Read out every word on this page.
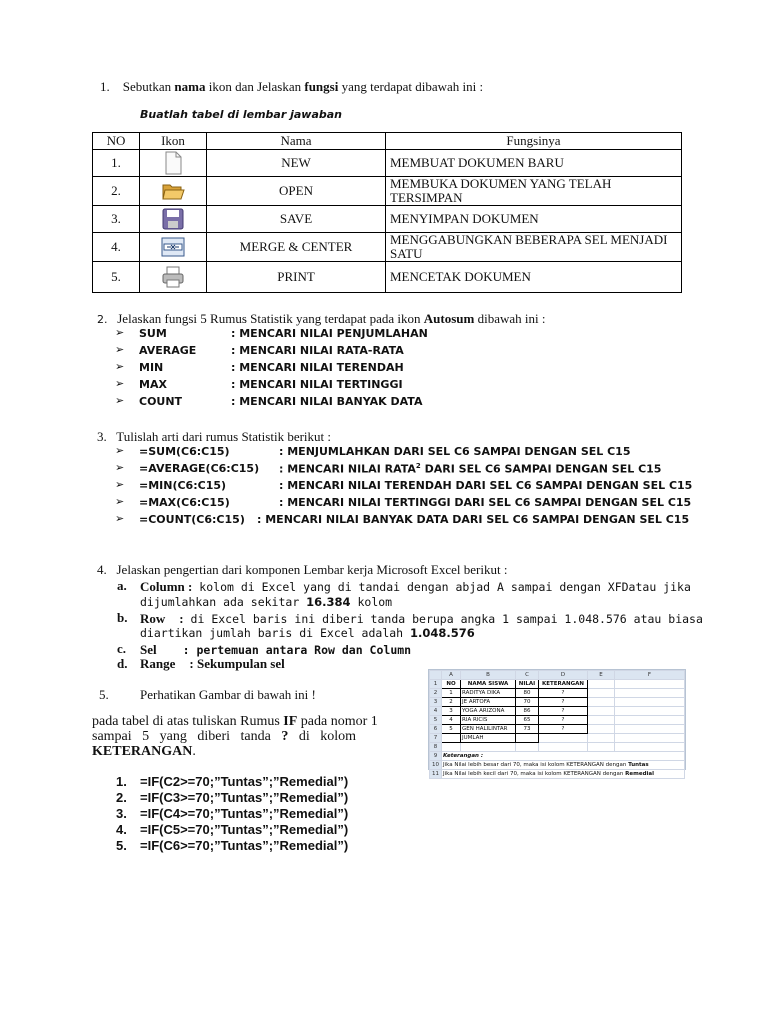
1. Sebutkan nama ikon dan Jelaskan fungsi yang terdapat dibawah ini :
Buatlah tabel di lembar jawaban
NO	Ikon	Nama	Fungsinya
1.		NEW	MEMBUAT DOKUMEN BARU
2.		OPEN	MEMBUKA DOKUMEN YANG TELAH TERSIMPAN
3.		SAVE	MENYIMPAN DOKUMEN
4.		MERGE & CENTER	MENGGABUNGKAN BEBERAPA SEL MENJADI SATU
5.		PRINT	MENCETAK DOKUMEN
2. Jelaskan fungsi 5 Rumus Statistik yang terdapat pada ikon Autosum dibawah ini :
➢ SUM	: MENCARI NILAI PENJUMLAHAN
➢ AVERAGE	: MENCARI NILAI RATA-RATA
➢ MIN	: MENCARI NILAI TERENDAH
➢ MAX	: MENCARI NILAI TERTINGGI
➢ COUNT	: MENCARI NILAI BANYAK DATA
3. Tulislah arti dari rumus Statistik berikut :
➢ =SUM(C6:C15)	: MENJUMLAHKAN DARI SEL C6 SAMPAI DENGAN SEL C15
➢ =AVERAGE(C6:C15) : MENCARI NILAI RATA$^2$ DARI SEL C6 SAMPAI DENGAN SEL C15
➢ =MIN(C6:C15)	: MENCARI NILAI TERENDAH DARI SEL C6 SAMPAI DENGAN SEL C15
➢ =MAX(C6:C15)	: MENCARI NILAI TERTINGGI DARI SEL C6 SAMPAI DENGAN SEL C15
➢ =COUNT(C6:C15) : MENCARI NILAI BANYAK DATA DARI SEL C6 SAMPAI DENGAN SEL C15
4. Jelaskan pengertian dari komponen Lembar kerja Microsoft Excel berikut :
a. Column : kolom di Excel yang di tandai dengan abjad A sampai dengan XFDatau jika
dijumlahkan ada sekitar 16.384 kolom
b. Row : di Excel baris ini diberi tanda berupa angka 1 sampai 1.048.576 atau biasa
diartikan jumlah baris di Excel adalah 1.048.576
c. Sel : pertemuan antara Row dan Column
d. Range : Sekumpulan sel
5. Perhatikan Gambar di bawah ini !
pada tabel di atas tuliskan Rumus IF pada nomor 1
sampai   5   yang   diberi   tanda   ?   di   kolom
KETERANGAN.
1. =IF(C2>=70;”Tuntas”;”Remedial”)
2. =IF(C3>=70;”Tuntas”;”Remedial”)
3. =IF(C4>=70;”Tuntas”;”Remedial”)
4. =IF(C5>=70;”Tuntas”;”Remedial”)
5. =IF(C6>=70;”Tuntas”;”Remedial”)
	A	B	C	D	E	F
1	NO	NAMA SISWA	NILAI	KETERANGAN		
2	1	RADITYA DIKA	80	?		
3	2	JE ARTOFA	70	?		
4	3	YOGA ARIZONA	86	?		
5	4	RIA RICIS	65	?		
6	5	GEN HALILINTAR	73	?		
7		JUMLAH				
8						
9	Keterangan :					
10	Jika Nilai lebih besar dari 70, maka isi kolom KETERANGAN dengan Tuntas					
11	Jika Nilai lebih kecil dari 70, maka isi kolom KETERANGAN dengan Remedial					
